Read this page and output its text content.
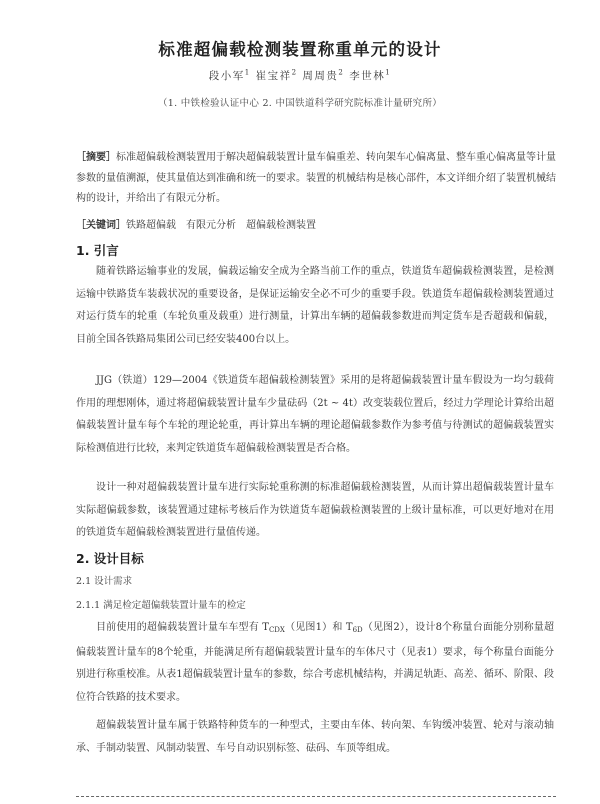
标准超偏载检测装置称重单元的设计
段小军$^1$ 崔宝祥$^2$ 周周贵$^2$ 李世林$^1$
（1. 中铁检验认证中心 2. 中国铁道科学研究院标准计量研究所）
［摘要］标准超偏载检测装置用于解决超偏载装置计量车偏重差、转向架车心偏离量、整车重心偏离量等计量参数的量值溯源，使其量值达到准确和统一的要求。装置的机械结构是核心部件，本文详细介绍了装置机械结构的设计，并给出了有限元分析。
［关键词］铁路超偏载　有限元分析　超偏载检测装置
1. 引言
随着铁路运输事业的发展，偏载运输安全成为全路当前工作的重点，铁道货车超偏载检测装置，是检测运输中铁路货车装载状况的重要设备，是保证运输安全必不可少的重要手段。铁道货车超偏载检测装置通过对运行货车的轮重（车轮负重及载重）进行测量，计算出车辆的超偏载参数进而判定货车是否超载和偏载，目前全国各铁路局集团公司已经安装400台以上。
JJG（铁道）129—2004《铁道货车超偏载检测装置》采用的是将超偏载装置计量车假设为一均匀载荷作用的理想刚体，通过将超偏载装置计量车少量砝码（2t ~ 4t）改变装载位置后，经过力学理论计算给出超偏载装置计量车每个车轮的理论轮重，再计算出车辆的理论超偏载参数作为参考值与待测试的超偏载装置实际检测值进行比较，来判定铁道货车超偏载检测装置是否合格。
设计一种对超偏载装置计量车进行实际轮重称测的标准超偏载检测装置，从而计算出超偏载装置计量车实际超偏载参数，该装置通过建标考核后作为铁道货车超偏载检测装置的上级计量标准，可以更好地对在用的铁道货车超偏载检测装置进行量值传递。
2. 设计目标
2.1 设计需求
2.1.1 满足检定超偏载装置计量车的检定
目前使用的超偏载装置计量车车型有 $T_{CDX}$（见图1）和 $T_{6D}$（见图2），设计8个称量台面能分别称量超偏载装置计量车的8个轮重，并能满足所有超偏载装置计量车的车体尺寸（见表1）要求，每个称量台面能分别进行称重校准。从表1超偏载装置计量车的参数，综合考虑机械结构，并满足轨距、高差、循环、阶限、段位符合铁路的技术要求。
超偏载装置计量车属于铁路特种货车的一种型式，主要由车体、转向架、车钩缓冲装置、轮对与滚动轴承、手制动装置、风制动装置、车号自动识别标签、砝码、车顶等组成。
